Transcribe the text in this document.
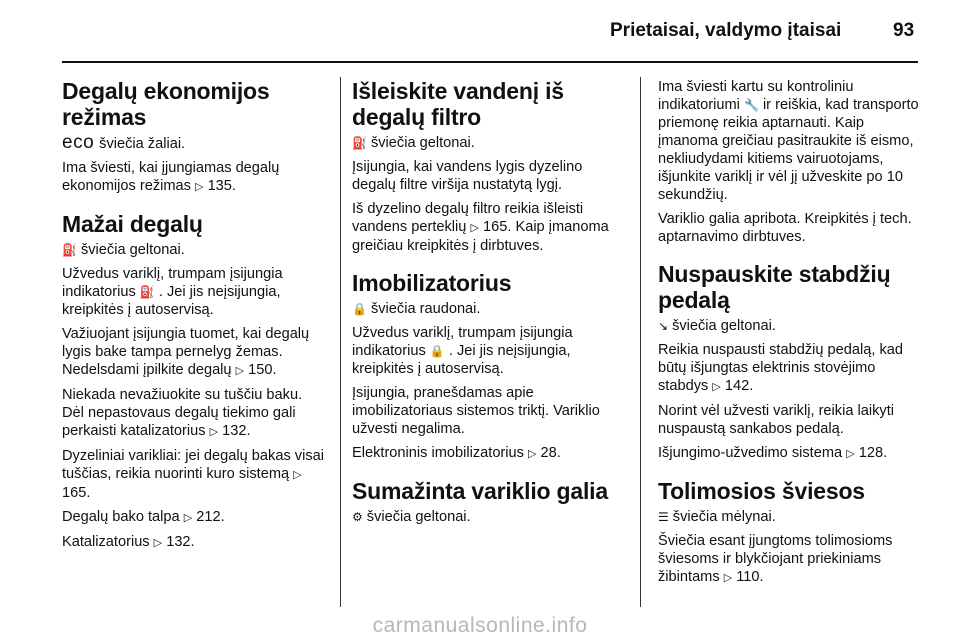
Prietaisai, valdymo įtaisai	93
Degalų ekonomijos režimas

eco šviečia žaliai.

Ima šviesti, kai įjungiamas degalų ekonomijos režimas ▷ 135.

Mažai degalų

⛽ šviečia geltonai.

Užvedus variklį, trumpam įsijungia indikatorius ⛽ . Jei jis neįsijungia, kreipkitės į autoservisą.

Važiuojant įsijungia tuomet, kai degalų lygis bake tampa pernelyg žemas. Nedelsdami įpilkite degalų ▷ 150.

Niekada nevažiuokite su tuščiu baku. Dėl nepastovaus degalų tiekimo gali perkaisti katalizatorius ▷ 132.

Dyzeliniai varikliai: jei degalų bakas visai tuščias, reikia nuorinti kuro sistemą ▷ 165.

Degalų bako talpa ▷ 212.

Katalizatorius ▷ 132.

Išleiskite vandenį iš degalų filtro

⛽ šviečia geltonai.

Įsijungia, kai vandens lygis dyzelino degalų filtre viršija nustatytą lygį.

Iš dyzelino degalų filtro reikia išleisti vandens perteklių ▷ 165. Kaip įmanoma greičiau kreipkitės į dirbtuves.

Imobilizatorius

🔒 šviečia raudonai.

Užvedus variklį, trumpam įsijungia indikatorius 🔒 . Jei jis neįsijungia, kreipkitės į autoservisą.

Įsijungia, pranešdamas apie imobilizatoriaus sistemos triktį. Variklio užvesti negalima.

Elektroninis imobilizatorius ▷ 28.

Sumažinta variklio galia

⚙ šviečia geltonai.

Ima šviesti kartu su kontroliniu indikatoriumi 🔧 ir reiškia, kad transporto priemonę reikia aptarnauti. Kaip įmanoma greičiau pasitraukite iš eismo, nekliudydami kitiems vairuotojams, išjunkite variklį ir vėl jį užveskite po 10 sekundžių.

Variklio galia apribota. Kreipkitės į tech. aptarnavimo dirbtuves.

Nuspauskite stabdžių pedalą

↘ šviečia geltonai.

Reikia nuspausti stabdžių pedalą, kad būtų išjungtas elektrinis stovėjimo stabdys ▷ 142.

Norint vėl užvesti variklį, reikia laikyti nuspaustą sankabos pedalą.

Išjungimo-užvedimo sistema ▷ 128.

Tolimosios šviesos

☰ šviečia mėlynai.

Šviečia esant įjungtoms tolimosioms šviesoms ir blykčiojant priekiniams žibintams ▷ 110.

carmanualsonline.info
